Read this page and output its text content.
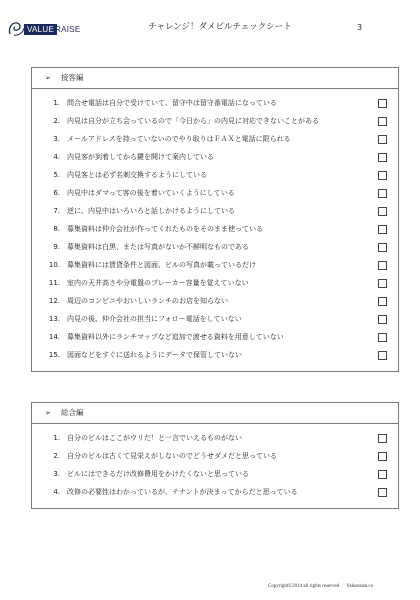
VALUE RAISE	チャレンジ！ダメビルチェックシート	3
➢ 接客編
1. 問合せ電話は自分で受けていて、留守中は留守番電話になっている
2. 内見は自分が立ち会っているので「今日から」の内見に対応できないことがある
3. メールアドレスを持っていないのでやり取りはＦＡＸと電話に限られる
4. 内見客が到着してから鍵を開けて案内している
5. 内見客とは必ず名刺交換するようにしている
6. 内見中はダマって客の後を着いていくようにしている
7. 逆に、内見中はいろいろと話しかけるようにしている
8. 募集資料は仲介会社が作ってくれたものをそのまま使っている
9. 募集資料は白黒、または写真がないか不鮮明なものである
10. 募集資料には賃貸条件と図面、ビルの写真が載っているだけ
11. 室内の天井高さや分電盤のブレーカー容量を覚えていない
12. 周辺のコンビニやおいしいランチのお店を知らない
13. 内見の後、仲介会社の担当にフォロー電話をしていない
14. 募集資料以外にランチマップなど追加で渡せる資料を用意していない
15. 図面などをすぐに送れるようにデータで保管していない
➢ 総合編
1. 自分のビルはここがウリだ！と一言でいえるものがない
2. 自分のビルは古くて見栄えがしないのでどうせダメだと思っている
3. ビルにはできるだけ改修費用をかけたくないと思っている
4. 改修の必要性はわかっているが、テナントが決まってからだと思っている
Copyright©2014 all rights reserved Valueraise.co
